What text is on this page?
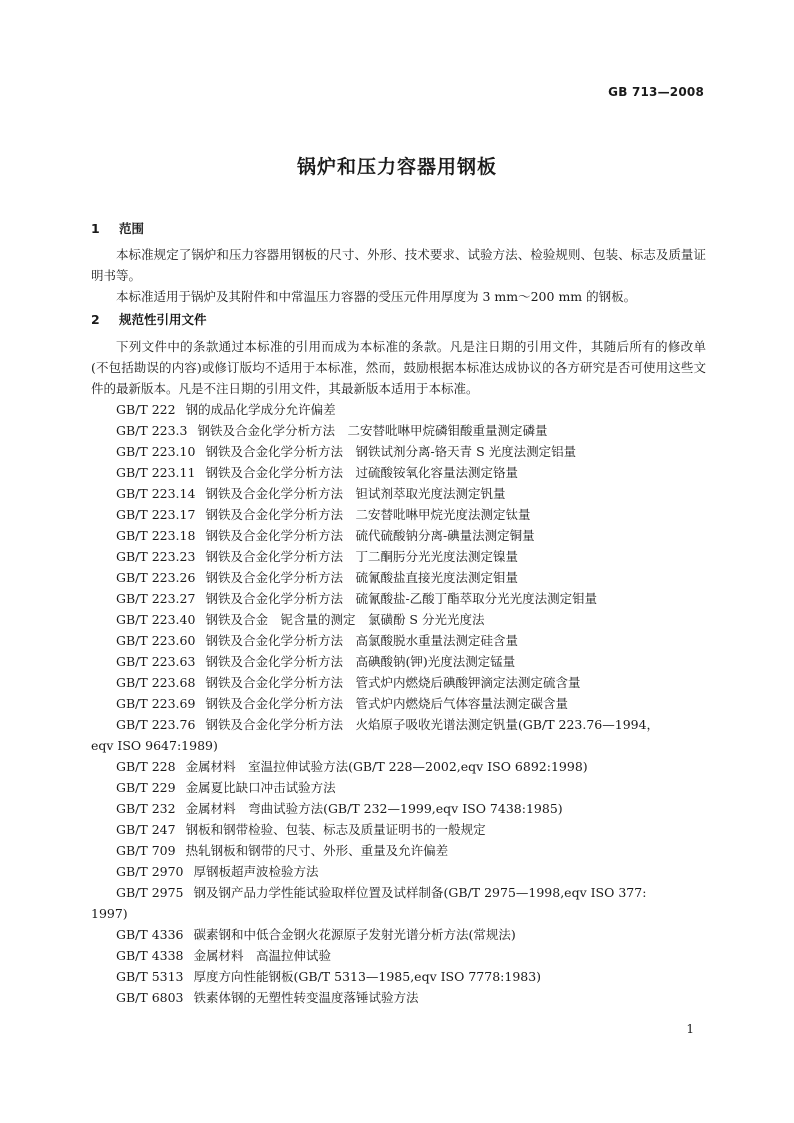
GB 713—2008
锅炉和压力容器用钢板
1 范围

本标准规定了锅炉和压力容器用钢板的尺寸、外形、技术要求、试验方法、检验规则、包装、标志及质量证明书等。

本标准适用于锅炉及其附件和中常温压力容器的受压元件用厚度为 3 mm～200 mm 的钢板。

2 规范性引用文件

下列文件中的条款通过本标准的引用而成为本标准的条款。凡是注日期的引用文件，其随后所有的修改单(不包括勘误的内容)或修订版均不适用于本标准，然而，鼓励根据本标准达成协议的各方研究是否可使用这些文件的最新版本。凡是不注日期的引用文件，其最新版本适用于本标准。

GB/T 222 钢的成品化学成分允许偏差

GB/T 223.3 钢铁及合金化学分析方法　二安替吡啉甲烷磷钼酸重量测定磷量

GB/T 223.10 钢铁及合金化学分析方法　钢铁试剂分离-铬天青 S 光度法测定铝量

GB/T 223.11 钢铁及合金化学分析方法　过硫酸铵氧化容量法测定铬量

GB/T 223.14 钢铁及合金化学分析方法　钽试剂萃取光度法测定钒量

GB/T 223.17 钢铁及合金化学分析方法　二安替吡啉甲烷光度法测定钛量

GB/T 223.18 钢铁及合金化学分析方法　硫代硫酸钠分离-碘量法测定铜量

GB/T 223.23 钢铁及合金化学分析方法　丁二酮肟分光光度法测定镍量

GB/T 223.26 钢铁及合金化学分析方法　硫氰酸盐直接光度法测定钼量

GB/T 223.27 钢铁及合金化学分析方法　硫氰酸盐-乙酸丁酯萃取分光光度法测定钼量

GB/T 223.40 钢铁及合金　铌含量的测定　氯磺酚 S 分光光度法

GB/T 223.60 钢铁及合金化学分析方法　高氯酸脱水重量法测定硅含量

GB/T 223.63 钢铁及合金化学分析方法　高碘酸钠(钾)光度法测定锰量

GB/T 223.68 钢铁及合金化学分析方法　管式炉内燃烧后碘酸钾滴定法测定硫含量

GB/T 223.69 钢铁及合金化学分析方法　管式炉内燃烧后气体容量法测定碳含量

GB/T 223.76 钢铁及合金化学分析方法　火焰原子吸收光谱法测定钒量(GB/T 223.76—1994，

eqv ISO 9647:1989)

GB/T 228 金属材料　室温拉伸试验方法(GB/T 228—2002,eqv ISO 6892:1998)

GB/T 229 金属夏比缺口冲击试验方法

GB/T 232 金属材料　弯曲试验方法(GB/T 232—1999,eqv ISO 7438:1985)

GB/T 247 钢板和钢带检验、包装、标志及质量证明书的一般规定

GB/T 709 热轧钢板和钢带的尺寸、外形、重量及允许偏差

GB/T 2970 厚钢板超声波检验方法

GB/T 2975 钢及钢产品力学性能试验取样位置及试样制备(GB/T 2975—1998,eqv ISO 377:

1997)

GB/T 4336 碳素钢和中低合金钢火花源原子发射光谱分析方法(常规法)

GB/T 4338 金属材料　高温拉伸试验

GB/T 5313 厚度方向性能钢板(GB/T 5313—1985,eqv ISO 7778:1983)

GB/T 6803 铁素体钢的无塑性转变温度落锤试验方法

1
